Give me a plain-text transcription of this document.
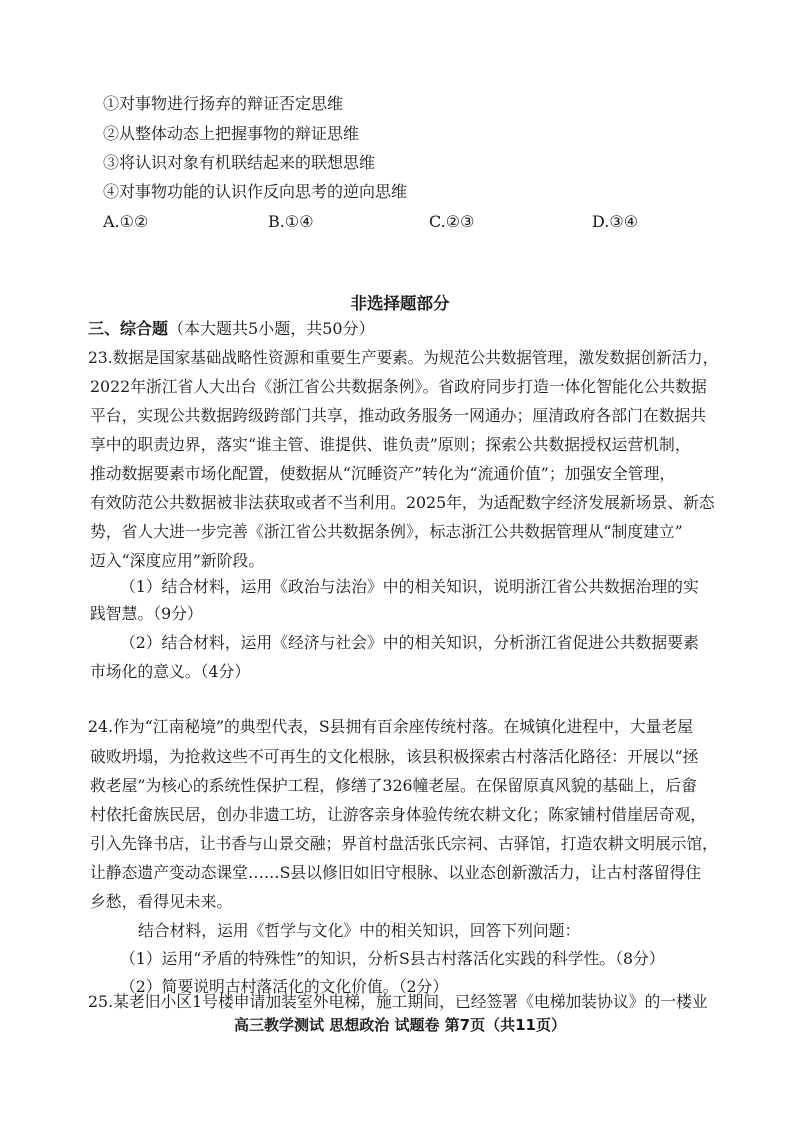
①对事物进行扬弃的辩证否定思维
②从整体动态上把握事物的辩证思维
③将认识对象有机联结起来的联想思维
④对事物功能的认识作反向思考的逆向思维
A.①②	B.①④	C.②③	D.③④
非选择题部分
三、综合题（本大题共5小题，共50分）
23.数据是国家基础战略性资源和重要生产要素。为规范公共数据管理，激发数据创新活力，
2022年浙江省人大出台《浙江省公共数据条例》。省政府同步打造一体化智能化公共数据
平台，实现公共数据跨级跨部门共享，推动政务服务一网通办；厘清政府各部门在数据共
享中的职责边界，落实“谁主管、谁提供、谁负责”原则；探索公共数据授权运营机制，
推动数据要素市场化配置，使数据从“沉睡资产”转化为“流通价值”；加强安全管理，
有效防范公共数据被非法获取或者不当利用。2025年，为适配数字经济发展新场景、新态
势，省人大进一步完善《浙江省公共数据条例》，标志浙江公共数据管理从“制度建立”
迈入“深度应用”新阶段。
（1）结合材料，运用《政治与法治》中的相关知识，说明浙江省公共数据治理的实
践智慧。（9分）
（2）结合材料，运用《经济与社会》中的相关知识，分析浙江省促进公共数据要素
市场化的意义。（4分）
24.作为“江南秘境”的典型代表，S县拥有百余座传统村落。在城镇化进程中，大量老屋
破败坍塌，为抢救这些不可再生的文化根脉，该县积极探索古村落活化路径：开展以“拯
救老屋”为核心的系统性保护工程，修缮了326幢老屋。在保留原真风貌的基础上，后畲
村依托畲族民居，创办非遗工坊，让游客亲身体验传统农耕文化；陈家铺村借崖居奇观，
引入先锋书店，让书香与山景交融；界首村盘活张氏宗祠、古驿馆，打造农耕文明展示馆，
让静态遗产变动态课堂……S县以修旧如旧守根脉、以业态创新激活力，让古村落留得住
乡愁，看得见未来。
结合材料，运用《哲学与文化》中的相关知识，回答下列问题：
（1）运用“矛盾的特殊性”的知识，分析S县古村落活化实践的科学性。（8分）
（2）简要说明古村落活化的文化价值。（2分）
25.某老旧小区1号楼申请加装室外电梯，施工期间，已经签署《电梯加装协议》的一楼业
高三教学测试 思想政治 试题卷 第7页（共11页）
